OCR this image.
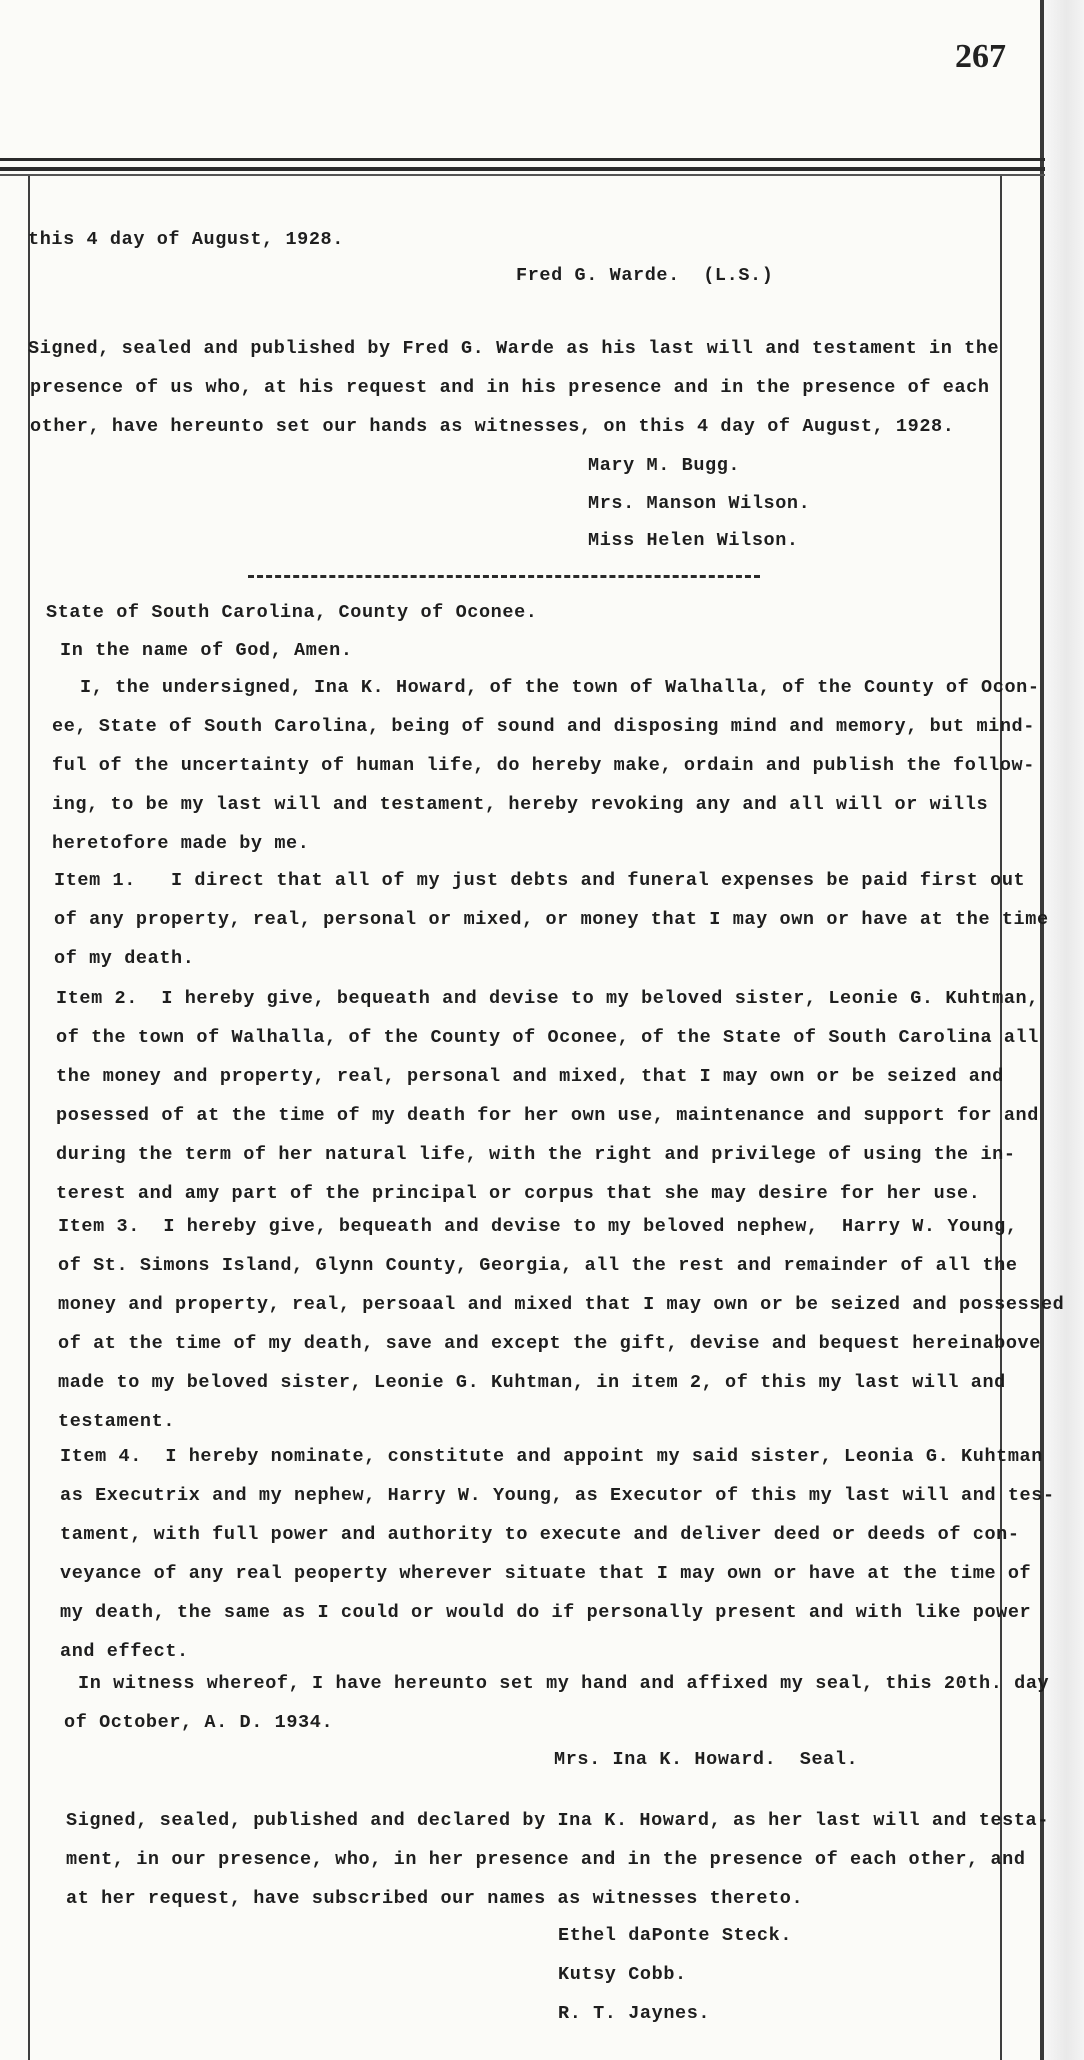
267
this 4 day of August, 1928.
Fred G. Warde.  (L.S.)
Signed, sealed and published by Fred G. Warde as his last will and testament in the
presence of us who, at his request and in his presence and in the presence of each
other, have hereunto set our hands as witnesses, on this 4 day of August, 1928.
Mary M. Bugg.
Mrs. Manson Wilson.
Miss Helen Wilson.
State of South Carolina, County of Oconee.
In the name of God, Amen.
I, the undersigned, Ina K. Howard, of the town of Walhalla, of the County of Ocon-
ee, State of South Carolina, being of sound and disposing mind and memory, but mind-
ful of the uncertainty of human life, do hereby make, ordain and publish the follow-
ing, to be my last will and testament, hereby revoking any and all will or wills
heretofore made by me.
Item 1.   I direct that all of my just debts and funeral expenses be paid first out
of any property, real, personal or mixed, or money that I may own or have at the time
of my death.
Item 2.  I hereby give, bequeath and devise to my beloved sister, Leonie G. Kuhtman,
of the town of Walhalla, of the County of Oconee, of the State of South Carolina all
the money and property, real, personal and mixed, that I may own or be seized and
posessed of at the time of my death for her own use, maintenance and support for and
during the term of her natural life, with the right and privilege of using the in-
terest and amy part of the principal or corpus that she may desire for her use.
Item 3.  I hereby give, bequeath and devise to my beloved nephew,  Harry W. Young,
of St. Simons Island, Glynn County, Georgia, all the rest and remainder of all the
money and property, real, persoaal and mixed that I may own or be seized and possessed
of at the time of my death, save and except the gift, devise and bequest hereinabove
made to my beloved sister, Leonie G. Kuhtman, in item 2, of this my last will and
testament.
Item 4.  I hereby nominate, constitute and appoint my said sister, Leonia G. Kuhtman
as Executrix and my nephew, Harry W. Young, as Executor of this my last will and tes-
tament, with full power and authority to execute and deliver deed or deeds of con-
veyance of any real peoperty wherever situate that I may own or have at the time of
my death, the same as I could or would do if personally present and with like power
and effect.
In witness whereof, I have hereunto set my hand and affixed my seal, this 20th. day
of October, A. D. 1934.
Mrs. Ina K. Howard.  Seal.
Signed, sealed, published and declared by Ina K. Howard, as her last will and testa-
ment, in our presence, who, in her presence and in the presence of each other, and
at her request, have subscribed our names as witnesses thereto.
Ethel daPonte Steck.
Kutsy Cobb.
R. T. Jaynes.
